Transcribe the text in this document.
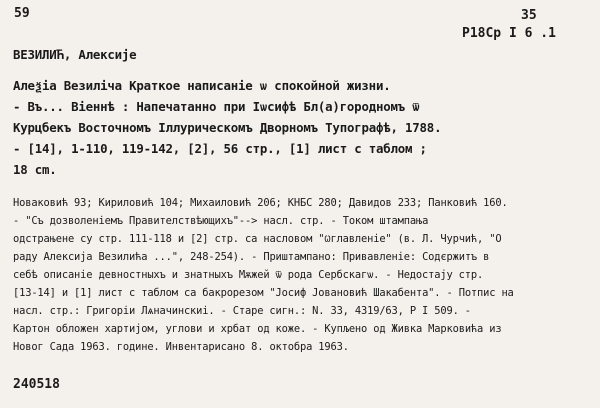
59	35
Р18Ср I 6 .1
ВЕЗИЛИЋ, Алексије
Алеѯіа Везиліча Краткое написаніе ѡ спокойной жизни.
- Въ... Віеннѣ : Напечатанно при Іѡсифѣ Бл(а)городномъ ѿ
Курцбекъ Восточномъ Іллурическомъ Дворномъ Тупографѣ, 1788.
- [14], 1-110, 119-142, [2], 56 стр., [1] лист с таблом ;
18 cm.
Новаковић 93; Кириловић 104; Михаиловић 206; КНБС 280; Давидов 233; Панковић 160.
- "Съ дозволеніемъ Правителствѣющихъ"--> насл. стр. - Током штампања
одстрањене су стр. 111-118 и [2] стр. са насловом "Ѡглавленіе" (в. Л. Чурчић, "О
раду Алексија Везилића ...", 248-254). - Приштампано: Привавленіе: Содєржитъ в
себѣ описаніе девностныхъ и знатныхъ Мѫжей ѿ рода Сербскагѡ. - Недостају стр.
[13-14] и [1] лист с таблом са бакрорезом "Јосиф Јовановић Шакабента". - Потпис на
насл. стр.: Григоріи Лѧначинскиі. - Старе сигн.: N. 33, 4319/63, P I 509. -
Картон обложен хартијом, углови и хрбат од коже. - Купљено од Живка Марковића из
Новог Сада 1963. године. Инвентарисано 8. октобра 1963.
240518
